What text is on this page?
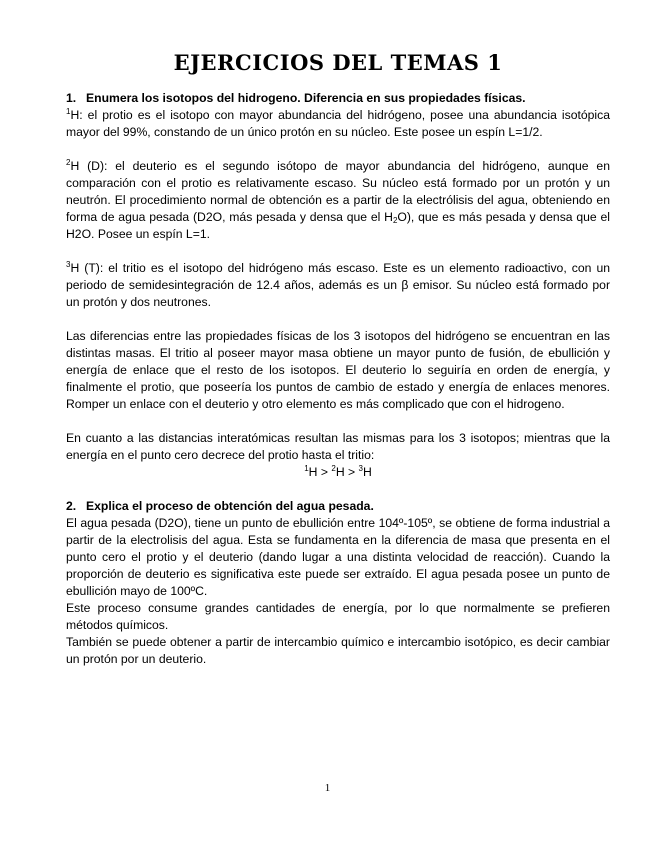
EJERCICIOS DEL TEMAS 1
1. Enumera los isotopos del hidrogeno. Diferencia en sus propiedades físicas.

$^1$H: el protio es el isotopo con mayor abundancia del hidrógeno, posee una abundancia isotópica mayor del 99%, constando de un único protón en su núcleo. Este posee un espín L=1/2.

$^2$H (D): el deuterio es el segundo isótopo de mayor abundancia del hidrógeno, aunque en comparación con el protio es relativamente escaso. Su núcleo está formado por un protón y un neutrón. El procedimiento normal de obtención es a partir de la electrólisis del agua, obteniendo en forma de agua pesada (D2O, más pesada y densa que el $H_2O$), que es más pesada y densa que el H2O. Posee un espín L=1.

$^3$H (T): el tritio es el isotopo del hidrógeno más escaso. Este es un elemento radioactivo, con un periodo de semidesintegración de 12.4 años, además es un β emisor. Su núcleo está formado por un protón y dos neutrones.

Las diferencias entre las propiedades físicas de los 3 isotopos del hidrógeno se encuentran en las distintas masas. El tritio al poseer mayor masa obtiene un mayor punto de fusión, de ebullición y energía de enlace que el resto de los isotopos. El deuterio lo seguiría en orden de energía, y finalmente el protio, que poseería los puntos de cambio de estado y energía de enlaces menores. Romper un enlace con el deuterio y otro elemento es más complicado que con el hidrogeno.

En cuanto a las distancias interatómicas resultan las mismas para los 3 isotopos; mientras que la energía en el punto cero decrece del protio hasta el tritio:

$^1$H > $^2$H > $^3$H

2. Explica el proceso de obtención del agua pesada.

El agua pesada (D2O), tiene un punto de ebullición entre 104º-105º, se obtiene de forma industrial a partir de la electrolisis del agua. Esta se fundamenta en la diferencia de masa que presenta en el punto cero el protio y el deuterio (dando lugar a una distinta velocidad de reacción). Cuando la proporción de deuterio es significativa este puede ser extraído. El agua pesada posee un punto de ebullición mayo de 100ºC.

Este proceso consume grandes cantidades de energía, por lo que normalmente se prefieren métodos químicos.

También se puede obtener a partir de intercambio químico e intercambio isotópico, es decir cambiar un protón por un deuterio.

1
